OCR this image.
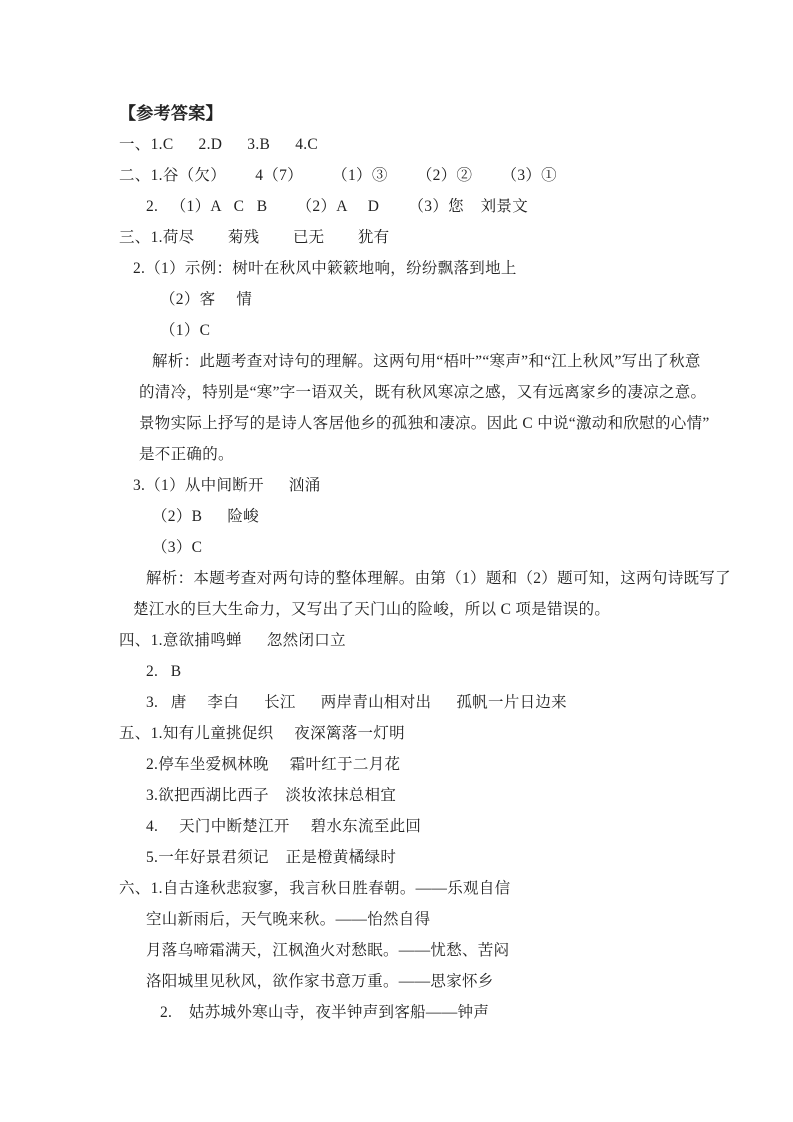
【参考答案】
一、1.C      2.D      3.B      4.C
二、1.谷（欠）       4（7）       （1）③       （2）②       （3）①
2.   （1）A   C   B       （2）A     D       （3）您    刘景文
三、1.荷尽        菊残        已无        犹有
2.（1）示例：树叶在秋风中簌簌地响，纷纷飘落到地上
（2）客     情
（1）C
解析：此题考查对诗句的理解。这两句用“梧叶”“寒声”和“江上秋风”写出了秋意
的清冷，特别是“寒”字一语双关，既有秋风寒凉之感，又有远离家乡的凄凉之意。
景物实际上抒写的是诗人客居他乡的孤独和凄凉。因此 C 中说“激动和欣慰的心情”
是不正确的。
3.（1）从中间断开      汹涌
（2）B      险峻
（3）C
解析：本题考查对两句诗的整体理解。由第（1）题和（2）题可知，这两句诗既写了
楚江水的巨大生命力，又写出了天门山的险峻，所以 C 项是错误的。
四、1.意欲捕鸣蝉      忽然闭口立
2.   B
3.   唐     李白      长江      两岸青山相对出      孤帆一片日边来
五、1.知有儿童挑促织     夜深篱落一灯明
2.停车坐爱枫林晚     霜叶红于二月花
3.欲把西湖比西子    淡妆浓抹总相宜
4.     天门中断楚江开     碧水东流至此回
5.一年好景君须记    正是橙黄橘绿时
六、1.自古逢秋悲寂寥，我言秋日胜春朝。——乐观自信
空山新雨后，天气晚来秋。——怡然自得
月落乌啼霜满天，江枫渔火对愁眠。——忧愁、苦闷
洛阳城里见秋风，欲作家书意万重。——思家怀乡
2.    姑苏城外寒山寺，夜半钟声到客船——钟声
